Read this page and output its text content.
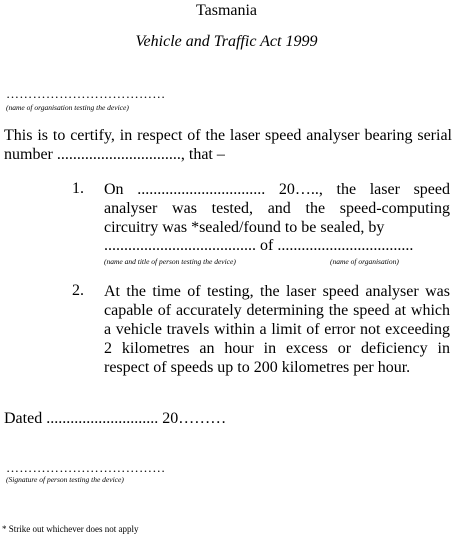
Tasmania
Vehicle and Traffic Act 1999
………………………………
(name of organisation testing the device)
This is to certify, in respect of the laser speed analyser bearing serial number ..............................., that –
1. On ................................ 20….., the laser speed analyser was tested, and the speed-computing circuitry was *sealed/found to be sealed, by
...................................... of ..................................
(name and title of person testing the device)	(name of organisation)
2. At the time of testing, the laser speed analyser was capable of accurately determining the speed at which a vehicle travels within a limit of error not exceeding 2 kilometres an hour in excess or deficiency in respect of speeds up to 200 kilometres per hour.
Dated ............................ 20………
………………………………
(Signature of person testing the device)
* Strike out whichever does not apply
